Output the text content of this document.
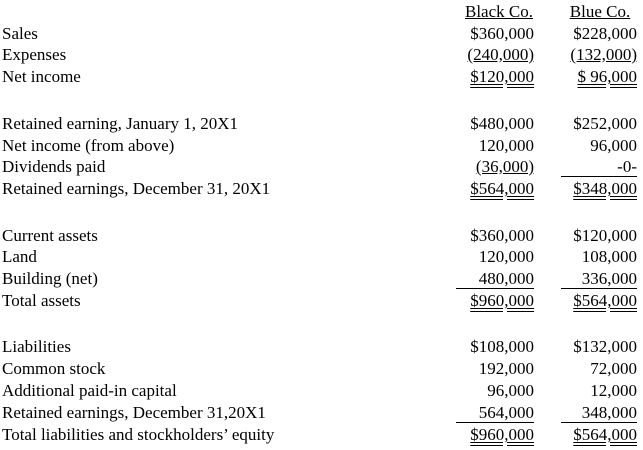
Black Co.	Blue Co.
Sales	$360,000 $228,000
Expenses	(240,000) (132,000)
Net income	$120,000	$ 96,000
Retained earning, January 1, 20X1	$480,000 $252,000
Net income (from above)	120,000	96,000
Dividends paid	(36,000)	-0-
Retained earnings, December 31, 20X1	$564,000 $348,000
Current assets	$360,000 $120,000
Land	120,000	108,000
Building (net)	480,000	336,000
Total assets	$960,000 $564,000
Liabilities	$108,000 $132,000
Common stock	192,000	72,000
Additional paid-in capital	96,000	12,000
Retained earnings, December 31,20X1	564,000	348,000
Total liabilities and stockholders’ equity	$960,000 $564,000
